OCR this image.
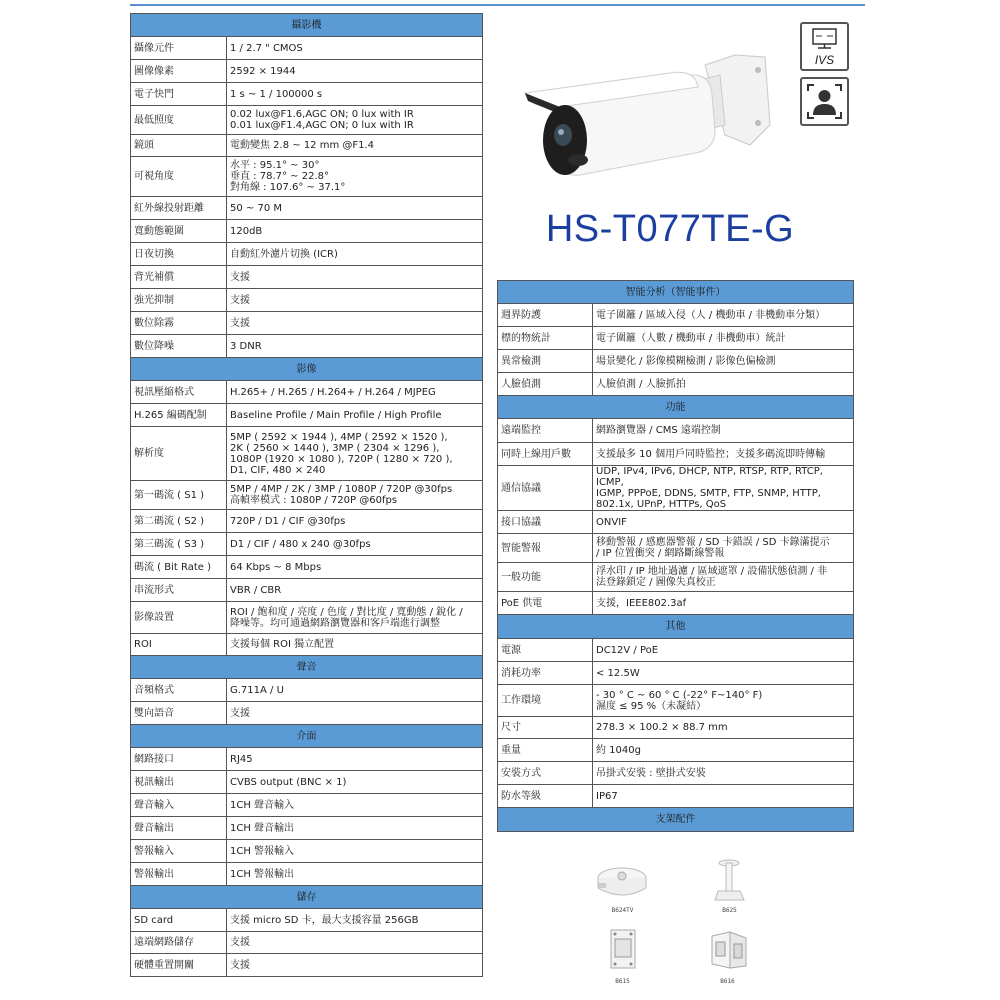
攝影機	
攝像元件	1 / 2.7 " CMOS
圖像像素	2592 × 1944
電子快門	1 s ~ 1 / 100000 s
最低照度	0.02 lux@F1.6,AGC ON; 0 lux with IR
0.01 lux@F1.4,AGC ON; 0 lux with IR
鏡頭	電動變焦 2.8 ~ 12 mm @F1.4
可視角度	水平 : 95.1° ~ 30°
垂直 : 78.7° ~ 22.8°
對角線 : 107.6° ~ 37.1°
紅外線投射距離	50 ~ 70 M
寬動態範圍	120dB
日夜切換	自動紅外濾片切換 (ICR)
背光補償	支援
強光抑制	支援
數位除霧	支援
數位降噪	3 DNR
影像	
視訊壓縮格式	H.265+ / H.265 / H.264+ / H.264 / MJPEG
H.265 編碼配制	Baseline Profile / Main Profile / High Profile
解析度	5MP ( 2592 × 1944 ), 4MP ( 2592 × 1520 ),
2K ( 2560 × 1440 ), 3MP ( 2304 × 1296 ),
1080P (1920 × 1080 ), 720P ( 1280 × 720 ),
D1, CIF, 480 × 240
第一碼流 ( S1 )	5MP / 4MP / 2K / 3MP / 1080P / 720P @30fps
高幀率模式 : 1080P / 720P @60fps
第二碼流 ( S2 )	720P / D1 / CIF @30fps
第三碼流 ( S3 )	D1 / CIF / 480 x 240 @30fps
碼流 ( Bit Rate )	64 Kbps ~ 8 Mbps
串流形式	VBR / CBR
影像設置	ROI / 飽和度 / 亮度 / 色度 / 對比度 / 寬動態 / 銳化 /
降噪等。均可通過網路瀏覽器和客戶端進行調整
ROI	支援每個 ROI 獨立配置
聲音	
音頻格式	G.711A / U
雙向語音	支援
介面	
網路接口	RJ45
視訊輸出	CVBS output (BNC × 1)
聲音輸入	1CH 聲音輸入
聲音輸出	1CH 聲音輸出
警報輸入	1CH 警報輸入
警報輸出	1CH 警報輸出
儲存	
SD card	支援 micro SD 卡，最大支援容量 256GB
遠端網路儲存	支援
硬體重置開關	支援
IVS
HS-T077TE-G
智能分析（智能事件）	
週界防護	電子圍籬 / 區域入侵（人 / 機動車 / 非機動車分類）
標的物統計	電子圍籬（人數 / 機動車 / 非機動車）統計
異常檢測	場景變化 / 影像模糊檢測 / 影像色偏檢測
人臉偵測	人臉偵測 / 人臉抓拍
功能	
遠端監控	網路瀏覽器 / CMS 遠端控制
同時上線用戶數	支援最多 10 個用戶同時監控；支援多碼流即時傳輸
通信協議	UDP, IPv4, IPv6, DHCP, NTP, RTSP, RTP, RTCP, ICMP,
IGMP, PPPoE, DDNS, SMTP, FTP, SNMP, HTTP,
802.1x, UPnP, HTTPs, QoS
接口協議	ONVIF
智能警報	移動警報 / 感應器警報 / SD 卡錯誤 / SD 卡錄滿提示
/ IP 位置衝突 / 網路斷線警報
一般功能	浮水印 / IP 地址過濾 / 區域遮罩 / 設備狀態偵測 / 非
法登錄鎖定 / 圖像失真校正
PoE 供電	支援，IEEE802.3af
其他	
電源	DC12V / PoE
消耗功率	< 12.5W
工作環境	- 30 ° C ~ 60 ° C (-22° F~140° F)
濕度 ≤ 95 %（未凝結）
尺寸	278.3 × 100.2 × 88.7 mm
重量	約 1040g
安裝方式	吊掛式安裝 : 壁掛式安裝
防水等級	IP67
支架配件	
B624TV	B625
B615	B616
